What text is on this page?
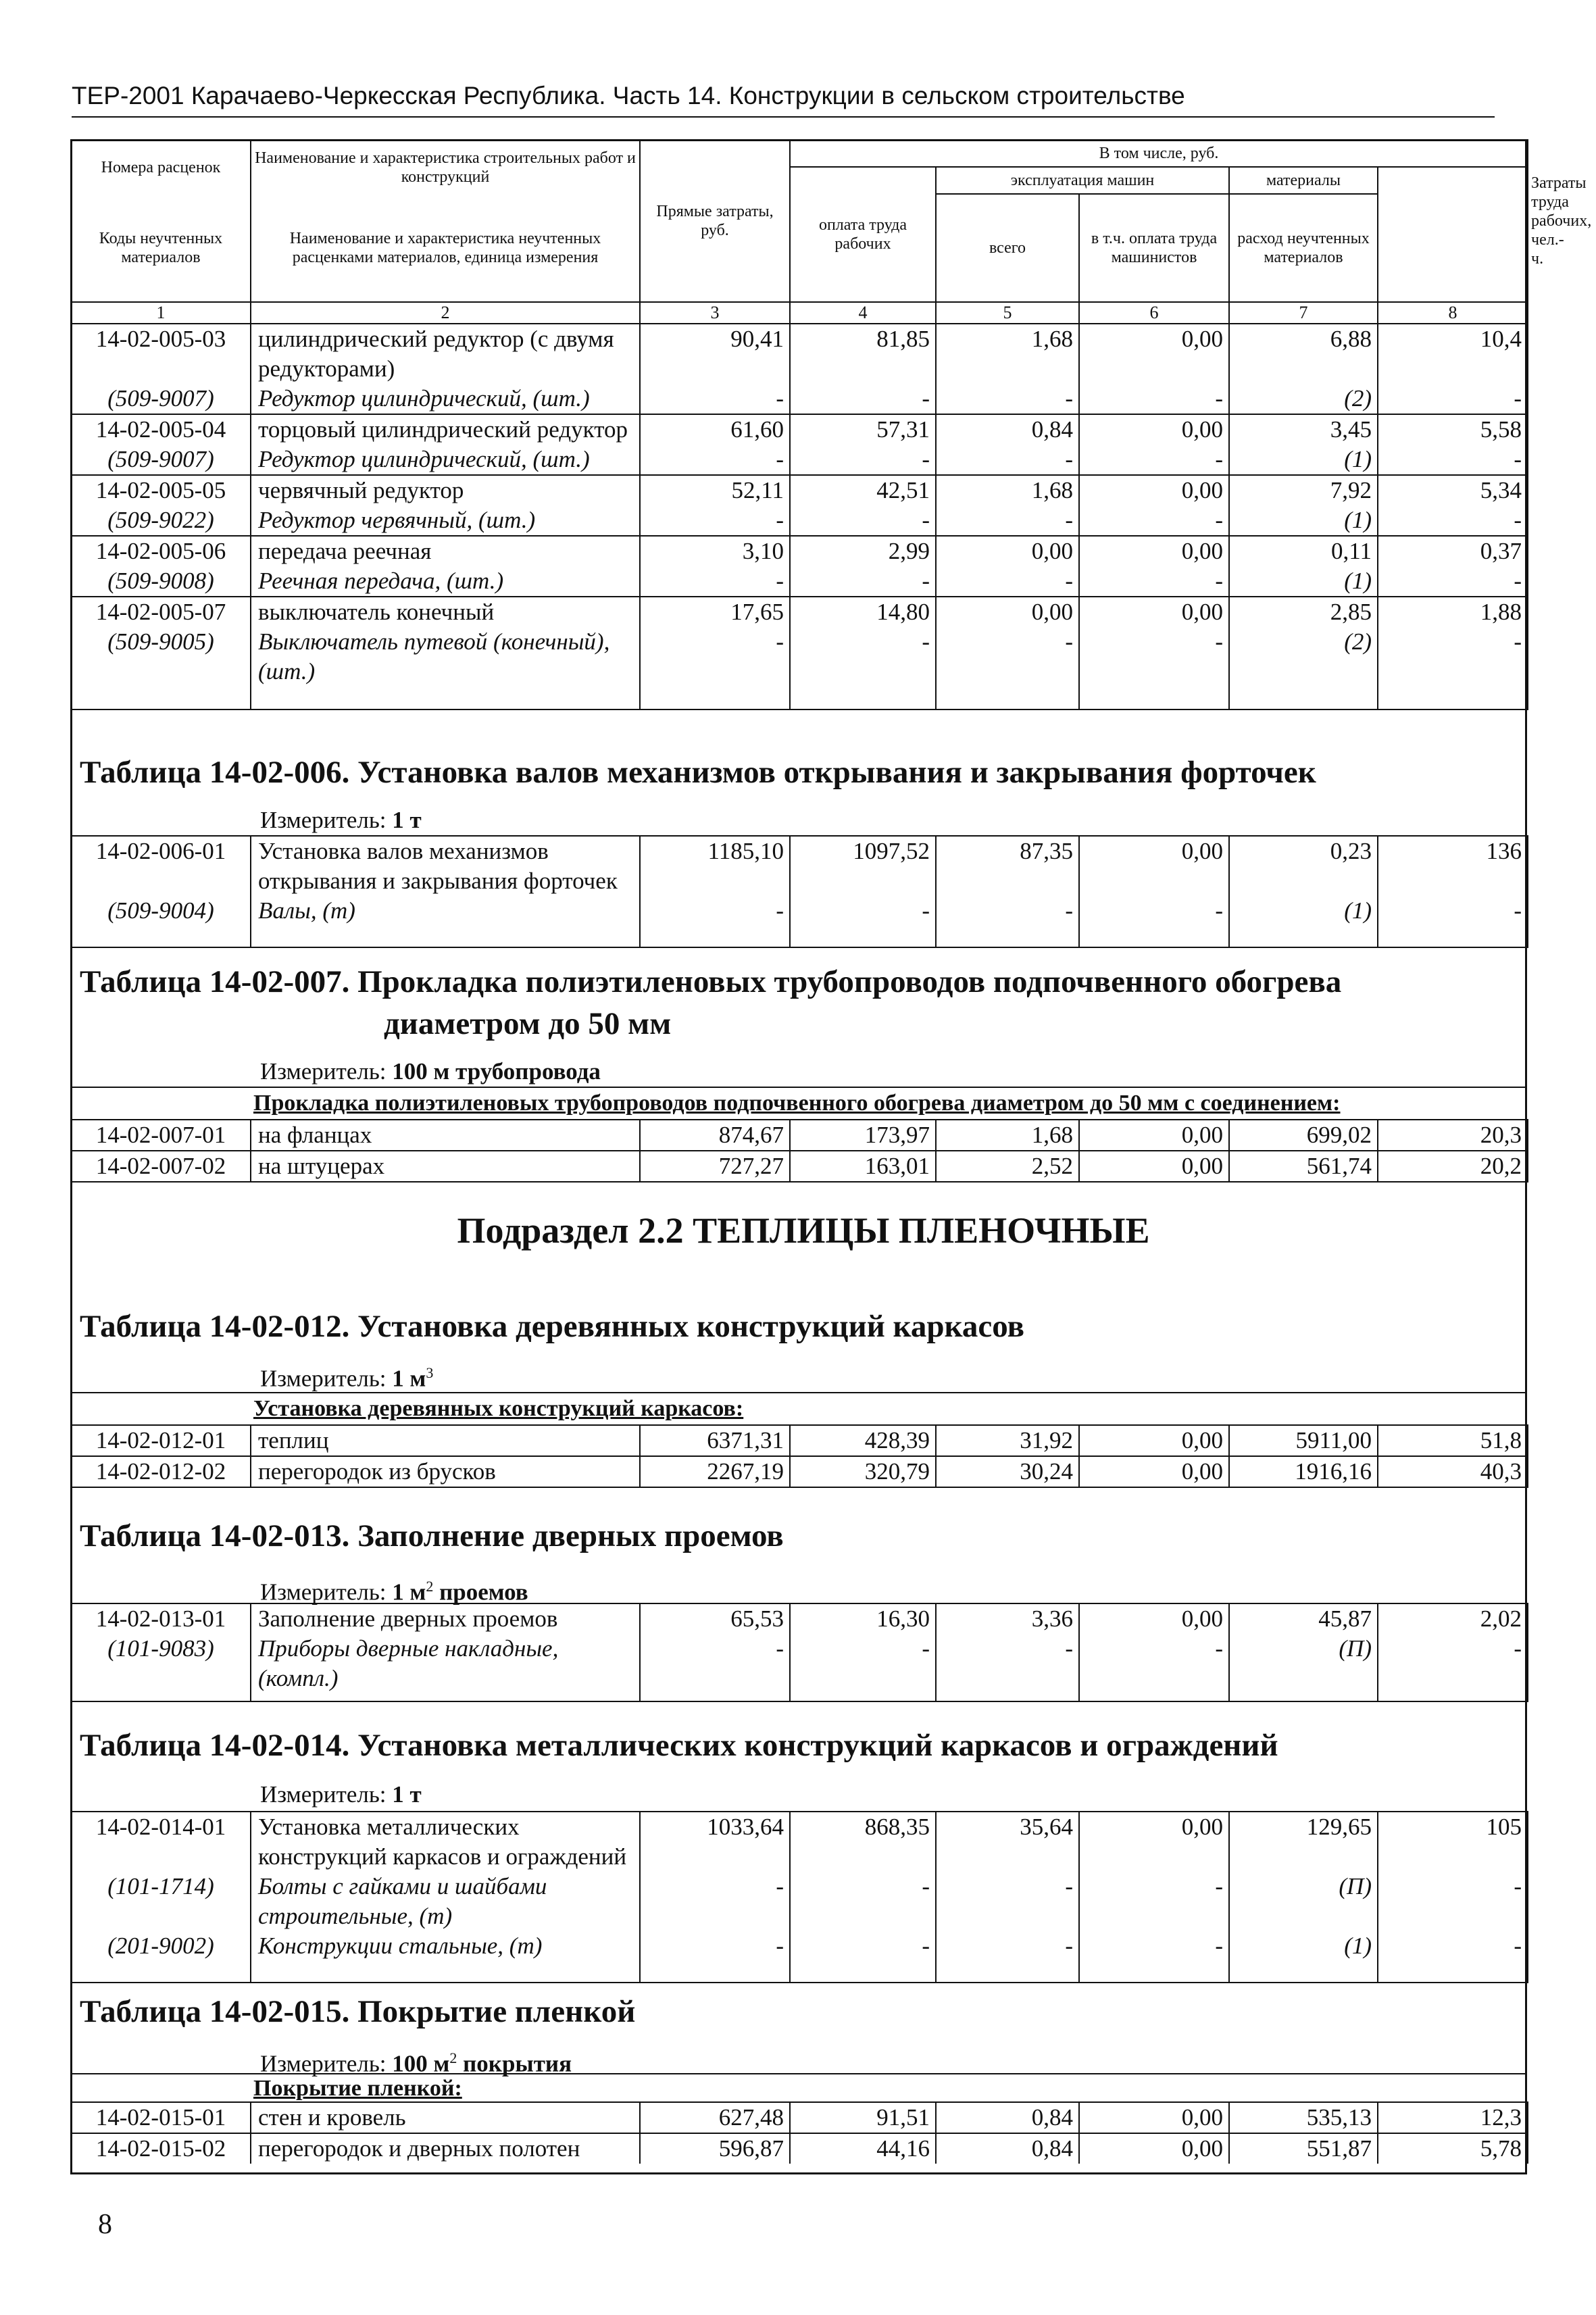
ТЕР-2001 Карачаево-Черкесская Республика. Часть 14. Конструкции в сельском строительстве
Номера расценок	Наименование и характеристика строительных работ и конструкций	Прямые затраты, руб.	В том числе, руб.				Затраты труда рабочих, чел.-ч.
			оплата труда рабочих	эксплуатация машин		материалы	
Коды неучтенных материалов	Наименование и характеристика неучтенных расценками материалов, единица измерения			всего	в т.ч. оплата труда машинистов	расход неучтенных материалов	

1	2	3	4	5	6	7	8
14-02-005-03	цилиндрический редуктор (с двумя редукторами)	90,41	81,85	1,68	0,00	6,88	10,4
(509-9007)	Редуктор цилиндрический, (шт.)	-	-	-	-	(2)	-
14-02-005-04	торцовый цилиндрический редуктор	61,60	57,31	0,84	0,00	3,45	5,58
(509-9007)	Редуктор цилиндрический, (шт.)	-	-	-	-	(1)	-
14-02-005-05	червячный редуктор	52,11	42,51	1,68	0,00	7,92	5,34
(509-9022)	Редуктор червячный, (шт.)	-	-	-	-	(1)	-
14-02-005-06	передача реечная	3,10	2,99	0,00	0,00	0,11	0,37
(509-9008)	Реечная передача, (шт.)	-	-	-	-	(1)	-
14-02-005-07	выключатель конечный	17,65	14,80	0,00	0,00	2,85	1,88
(509-9005)	Выключатель путевой (конечный), (шт.)	-	-	-	-	(2)	-
Таблица 14-02-006. Установка валов механизмов открывания и закрывания форточек
Измеритель: 1 т
14-02-006-01	Установка валов механизмов открывания и закрывания форточек	1185,10	1097,52	87,35	0,00	0,23	136
(509-9004)	Валы, (т)	-	-	-	-	(1)	-
Таблица 14-02-007. Прокладка полиэтиленовых трубопроводов подпочвенного обогрева
диаметром до 50 мм
Измеритель: 100 м трубопровода
Прокладка полиэтиленовых трубопроводов подпочвенного обогрева диаметром до 50 мм с соединением:
14-02-007-01	на фланцах	874,67	173,97	1,68	0,00	699,02	20,3
14-02-007-02	на штуцерах	727,27	163,01	2,52	0,00	561,74	20,2
Подраздел 2.2 ТЕПЛИЦЫ ПЛЕНОЧНЫЕ
Таблица 14-02-012. Установка деревянных конструкций каркасов
Измеритель: 1 $м^3$
Установка деревянных конструкций каркасов:
14-02-012-01	теплиц	6371,31	428,39	31,92	0,00	5911,00	51,8
14-02-012-02	перегородок из брусков	2267,19	320,79	30,24	0,00	1916,16	40,3
Таблица 14-02-013. Заполнение дверных проемов
Измеритель: 1 $м^2$ проемов
14-02-013-01	Заполнение дверных проемов	65,53	16,30	3,36	0,00	45,87	2,02
(101-9083)	Приборы дверные накладные, (компл.)	-	-	-	-	(П)	-
Таблица 14-02-014. Установка металлических конструкций каркасов и ограждений
Измеритель: 1 т
14-02-014-01	Установка металлических конструкций каркасов и ограждений	1033,64	868,35	35,64	0,00	129,65	105
(101-1714)	Болты с гайками и шайбами строительные, (т)	-	-	-	-	(П)	-
(201-9002)	Конструкции стальные, (т)	-	-	-	-	(1)	-
Таблица 14-02-015. Покрытие пленкой
Измеритель: 100 $м^2$ покрытия
Покрытие пленкой:
14-02-015-01	стен и кровель	627,48	91,51	0,84	0,00	535,13	12,3
14-02-015-02	перегородок и дверных полотен	596,87	44,16	0,84	0,00	551,87	5,78
8
